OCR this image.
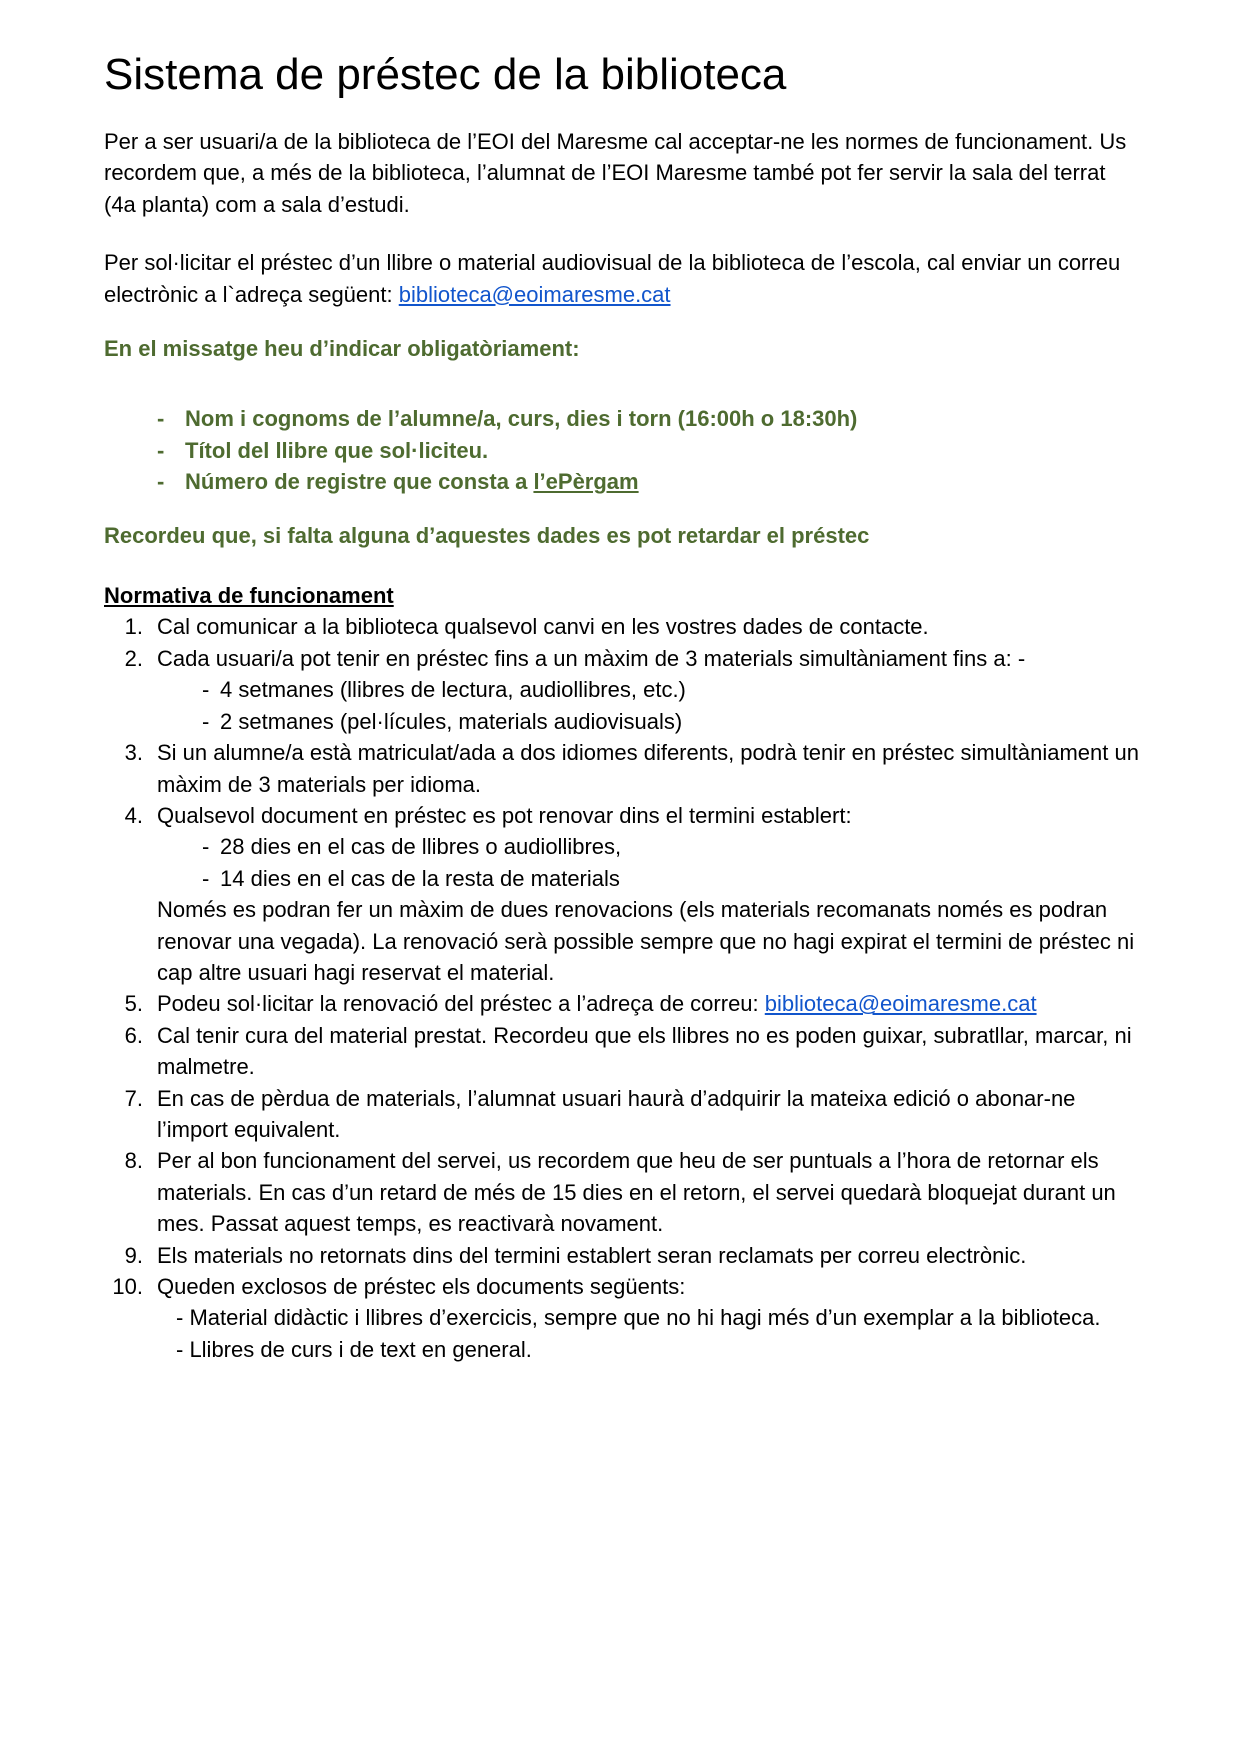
Sistema de préstec de la biblioteca

Per a ser usuari/a de la biblioteca de l’EOI del Maresme cal acceptar-ne les normes de funcionament. Us recordem que, a més de la biblioteca, l’alumnat de l’EOI Maresme també pot fer servir la sala del terrat (4a planta) com a sala d’estudi.

Per sol·licitar el préstec d’un llibre o material audiovisual de la biblioteca de l’escola, cal enviar un correu electrònic a l`adreça següent: biblioteca@eoimaresme.cat

En el missatge heu d’indicar obligatòriament:

- Nom i cognoms de l’alumne/a, curs, dies i torn (16:00h o 18:30h)
- Títol del llibre que sol·liciteu.
- Número de registre que consta a l’ePèrgam

Recordeu que, si falta alguna d’aquestes dades es pot retardar el préstec

Normativa de funcionament

1. Cal comunicar a la biblioteca qualsevol canvi en les vostres dades de contacte.
2. Cada usuari/a pot tenir en préstec fins a un màxim de 3 materials simultàniament fins a: -
- 4 setmanes (llibres de lectura, audiollibres, etc.)
- 2 setmanes (pel·lícules, materials audiovisuals)
3. Si un alumne/a està matriculat/ada a dos idiomes diferents, podrà tenir en préstec simultàniament un màxim de 3 materials per idioma.
4. Qualsevol document en préstec es pot renovar dins el termini establert:
- 28 dies en el cas de llibres o audiollibres,
- 14 dies en el cas de la resta de materials
Només es podran fer un màxim de dues renovacions (els materials recomanats només es podran renovar una vegada). La renovació serà possible sempre que no hagi expirat el termini de préstec ni cap altre usuari hagi reservat el material.
5. Podeu sol·licitar la renovació del préstec a l’adreça de correu: biblioteca@eoimaresme.cat
6. Cal tenir cura del material prestat. Recordeu que els llibres no es poden guixar, subratllar, marcar, ni malmetre.
7. En cas de pèrdua de materials, l’alumnat usuari haurà d’adquirir la mateixa edició o abonar-ne l’import equivalent.
8. Per al bon funcionament del servei, us recordem que heu de ser puntuals a l’hora de retornar els materials. En cas d’un retard de més de 15 dies en el retorn, el servei quedarà bloquejat durant un mes. Passat aquest temps, es reactivarà novament.
9. Els materials no retornats dins del termini establert seran reclamats per correu electrònic.
10. Queden exclosos de préstec els documents següents:
- Material didàctic i llibres d’exercicis, sempre que no hi hagi més d’un exemplar a la biblioteca.
- Llibres de curs i de text en general.
